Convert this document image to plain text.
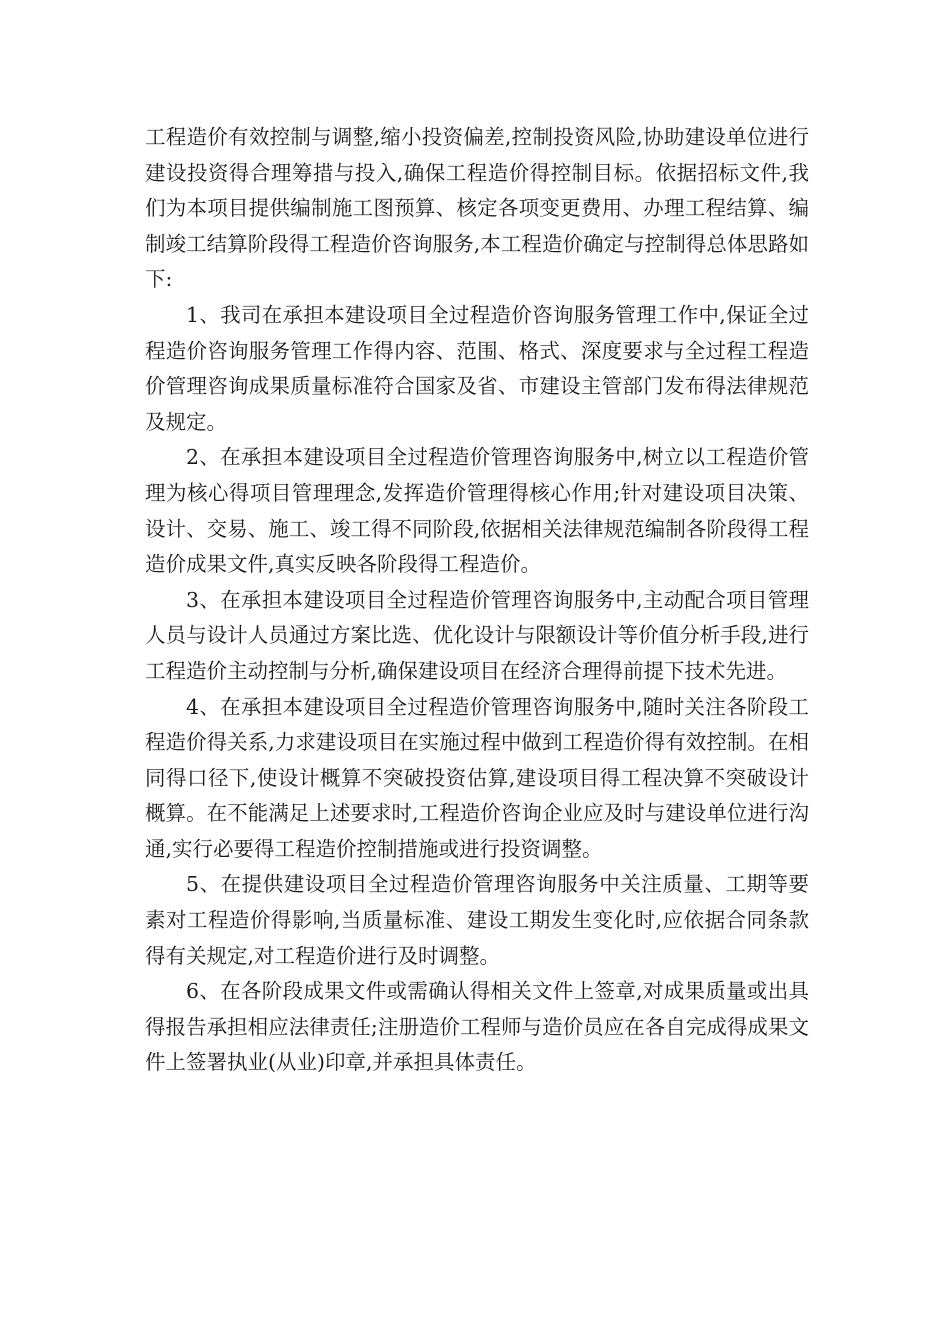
工程造价有效控制与调整,缩小投资偏差,控制投资风险,协助建设单位进行建设投资得合理筹措与投入,确保工程造价得控制目标。依据招标文件,我们为本项目提供编制施工图预算、核定各项变更费用、办理工程结算、编制竣工结算阶段得工程造价咨询服务,本工程造价确定与控制得总体思路如下:

1、我司在承担本建设项目全过程造价咨询服务管理工作中,保证全过程造价咨询服务管理工作得内容、范围、格式、深度要求与全过程工程造价管理咨询成果质量标准符合国家及省、市建设主管部门发布得法律规范及规定。

2、在承担本建设项目全过程造价管理咨询服务中,树立以工程造价管理为核心得项目管理理念,发挥造价管理得核心作用;针对建设项目决策、设计、交易、施工、竣工得不同阶段,依据相关法律规范编制各阶段得工程造价成果文件,真实反映各阶段得工程造价。

3、在承担本建设项目全过程造价管理咨询服务中,主动配合项目管理人员与设计人员通过方案比选、优化设计与限额设计等价值分析手段,进行工程造价主动控制与分析,确保建设项目在经济合理得前提下技术先进。

4、在承担本建设项目全过程造价管理咨询服务中,随时关注各阶段工程造价得关系,力求建设项目在实施过程中做到工程造价得有效控制。在相同得口径下,使设计概算不突破投资估算,建设项目得工程决算不突破设计概算。在不能满足上述要求时,工程造价咨询企业应及时与建设单位进行沟通,实行必要得工程造价控制措施或进行投资调整。

5、在提供建设项目全过程造价管理咨询服务中关注质量、工期等要素对工程造价得影响,当质量标准、建设工期发生变化时,应依据合同条款得有关规定,对工程造价进行及时调整。

6、在各阶段成果文件或需确认得相关文件上签章,对成果质量或出具得报告承担相应法律责任;注册造价工程师与造价员应在各自完成得成果文件上签署执业(从业)印章,并承担具体责任。
